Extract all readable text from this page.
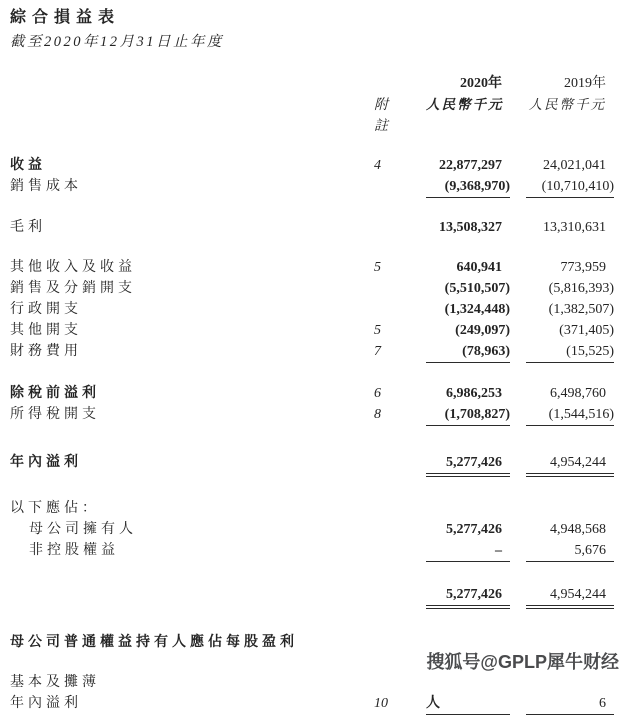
綜合損益表
截至2020年12月31日止年度
2020年	2019年
附註
人民幣千元	人民幣千元
收益	4	22,877,297	24,021,041
銷售成本	(9,368,970)	(10,710,410)
毛利	13,508,327	13,310,631
其他收入及收益	5	640,941	773,959
銷售及分銷開支	(5,510,507)	(5,816,393)
行政開支	(1,324,448)	(1,382,507)
其他開支	5	(249,097)	(371,405)
財務費用	7	(78,963)	(15,525)
除稅前溢利	6	6,986,253	6,498,760
所得稅開支	8	(1,708,827)	(1,544,516)
年內溢利	5,277,426	4,954,244
以下應佔：
母公司擁有人	5,277,426	4,948,568
非控股權益	–	5,676
5,277,426	4,954,244
母公司普通權益持有人應佔每股盈利
基本及攤薄
年內溢利	10	人	6
搜狐号@GPLP犀牛财经
